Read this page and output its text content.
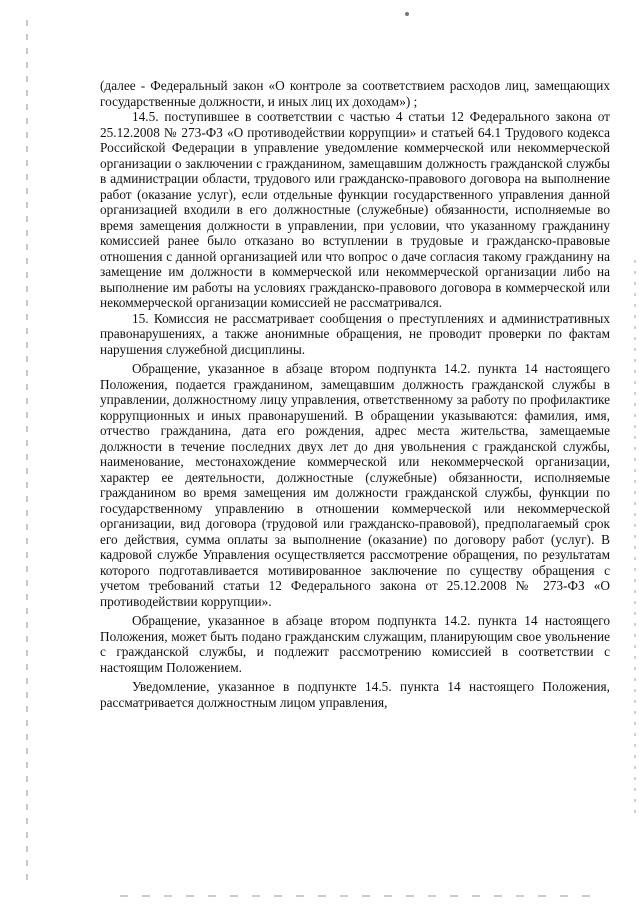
(далее - Федеральный закон «О контроле за соответствием расходов лиц, замещающих государственные должности, и иных лиц их доходам») ;

14.5. поступившее в соответствии с частью 4 статьи 12 Федерального закона от 25.12.2008 № 273-ФЗ «О противодействии коррупции» и статьей 64.1 Трудового кодекса Российской Федерации в управление уведомление коммерческой или некоммерческой организации о заключении с гражданином, замещавшим должность гражданской службы в администрации области, трудового или гражданско-правового договора на выполнение работ (оказание услуг), если отдельные функции государственного управления данной организацией входили в его должностные (служебные) обязанности, исполняемые во время замещения должности в управлении, при условии, что указанному гражданину комиссией ранее было отказано во вступлении в трудовые и гражданско-правовые отношения с данной организацией или что вопрос о даче согласия такому гражданину на замещение им должности в коммерческой или некоммерческой организации либо на выполнение им работы на условиях гражданско-правового договора в коммерческой или некоммерческой организации комиссией не рассматривался.

15. Комиссия не рассматривает сообщения о преступлениях и административных правонарушениях, а также анонимные обращения, не проводит проверки по фактам нарушения служебной дисциплины.

Обращение, указанное в абзаце втором подпункта 14.2. пункта 14 настоящего Положения, подается гражданином, замещавшим должность гражданской службы в управлении, должностному лицу управления, ответственному за работу по профилактике коррупционных и иных правонарушений. В обращении указываются: фамилия, имя, отчество гражданина, дата его рождения, адрес места жительства, замещаемые должности в течение последних двух лет до дня увольнения с гражданской службы, наименование, местонахождение коммерческой или некоммерческой организации, характер ее деятельности, должностные (служебные) обязанности, исполняемые гражданином во время замещения им должности гражданской службы, функции по государственному управлению в отношении коммерческой или некоммерческой организации, вид договора (трудовой или гражданско-правовой), предполагаемый срок его действия, сумма оплаты за выполнение (оказание) по договору работ (услуг). В кадровой службе Управления осуществляется рассмотрение обращения, по результатам которого подготавливается мотивированное заключение по существу обращения с учетом требований статьи 12 Федерального закона от 25.12.2008 № 273-ФЗ «О противодействии коррупции».

Обращение, указанное в абзаце втором подпункта 14.2. пункта 14 настоящего Положения, может быть подано гражданским служащим, планирующим свое увольнение с гражданской службы, и подлежит рассмотрению комиссией в соответствии с настоящим Положением.

Уведомление, указанное в подпункте 14.5. пункта 14 настоящего Положения, рассматривается должностным лицом управления,
